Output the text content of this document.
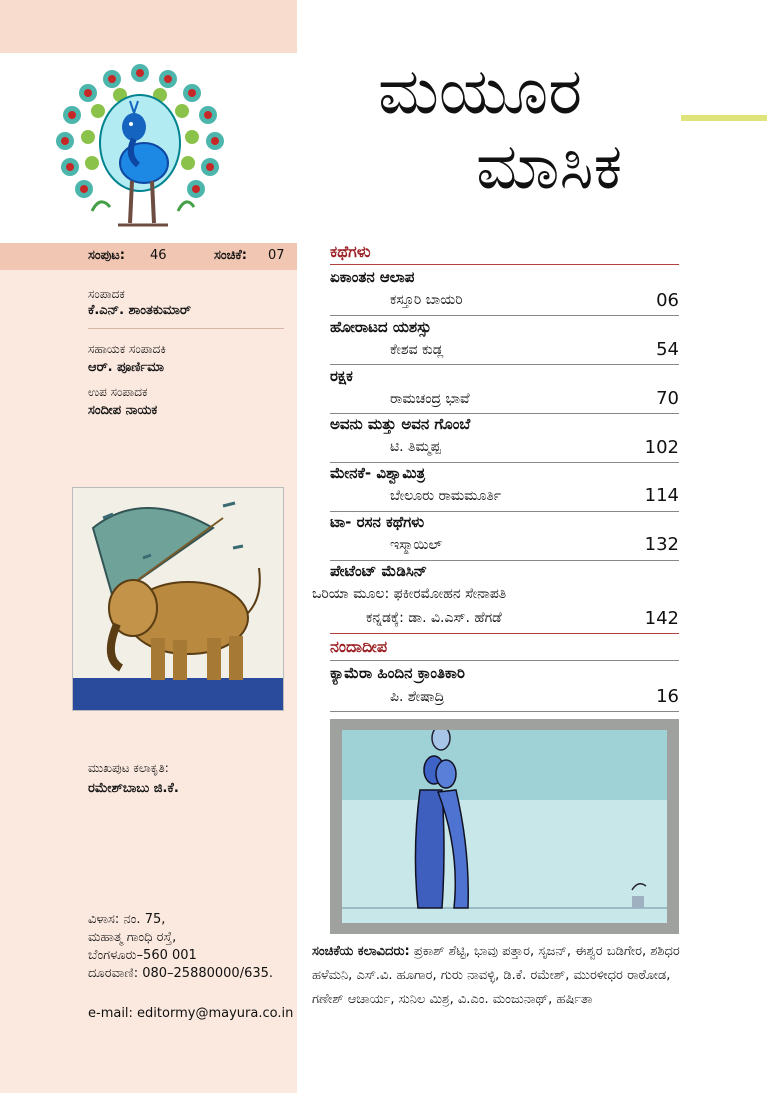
ಸಂಪುಟ: 46	ಸಂಚಿಕೆ: 07
ಸಂಪಾದಕ
ಕೆ.ಎನ್. ಶಾಂತಕುಮಾರ್
ಸಹಾಯಕ ಸಂಪಾದಕಿ
ಆರ್. ಪೂರ್ಣಿಮಾ
ಉಪ ಸಂಪಾದಕ
ಸಂದೀಪ ನಾಯಕ
ಮುಖಪುಟ ಕಲಾಕೃತಿ:
ರಮೇಶ್‌ಬಾಬು ಜಿ.ಕೆ.
ವಿಳಾಸ: ನಂ. 75,
ಮಹಾತ್ಮ ಗಾಂಧಿ ರಸ್ತೆ,
ಬೆಂಗಳೂರು–560 001
ದೂರವಾಣಿ: 080–25880000/635.
e-mail: editormy@mayura.co.in
ಮಯೂರ
ಮಾಸಿಕ
ಕಥೆಗಳು
ಏಕಾಂತನ ಆಲಾಪ
ಕಸ್ತೂರಿ ಬಾಯರಿ	06
ಹೋರಾಟದ ಯಶಸ್ಸು
ಕೇಶವ ಕುಡ್ಲ	54
ರಕ್ಷಕ
ರಾಮಚಂದ್ರ ಭಾವೆ	70
ಅವನು ಮತ್ತು ಅವನ ಗೊಂಬೆ
ಟಿ. ತಿಮ್ಮಪ್ಪ	102
ಮೇನಕೆ- ವಿಶ್ವಾಮಿತ್ರ
ಬೇಲೂರು ರಾಮಮೂರ್ತಿ	114
ಟಾ- ರಸನ ಕಥೆಗಳು
ಇಸ್ಮಾಯಿಲ್	132
ಪೇಟೆಂಟ್ ಮೆಡಿಸಿನ್
ಒರಿಯಾ ಮೂಲ: ಫಕೀರಮೋಹನ ಸೇನಾಪತಿ
ಕನ್ನಡಕ್ಕೆ: ಡಾ. ವಿ.ಎಸ್. ಹೆಗಡೆ	142
ನಂದಾದೀಪ
ಕ್ಯಾಮೆರಾ ಹಿಂದಿನ ಕ್ರಾಂತಿಕಾರಿ
ಪಿ. ಶೇಷಾದ್ರಿ	16
ಸಂಚಿಕೆಯ ಕಲಾವಿದರು: ಪ್ರಕಾಶ್ ಶೆಟ್ಟಿ, ಭಾವು ಪತ್ತಾರ, ಸೃಜನ್, ಈಶ್ವರ ಬಡಿಗೇರ, ಶಶಿಧರ ಹಳೆಮನಿ, ಎಸ್.ವಿ. ಹೂಗಾರ, ಗುರು ನಾವಳ್ಳಿ, ಡಿ.ಕೆ. ರಮೇಶ್, ಮುರಳೀಧರ ರಾಠೋಡ, ಗಣೇಶ್ ಆಚಾರ್ಯ, ಸುನಿಲ ಮಿಶ್ರ, ವಿ.ಎಂ. ಮಂಜುನಾಥ್, ಹರ್ಷಿತಾ
